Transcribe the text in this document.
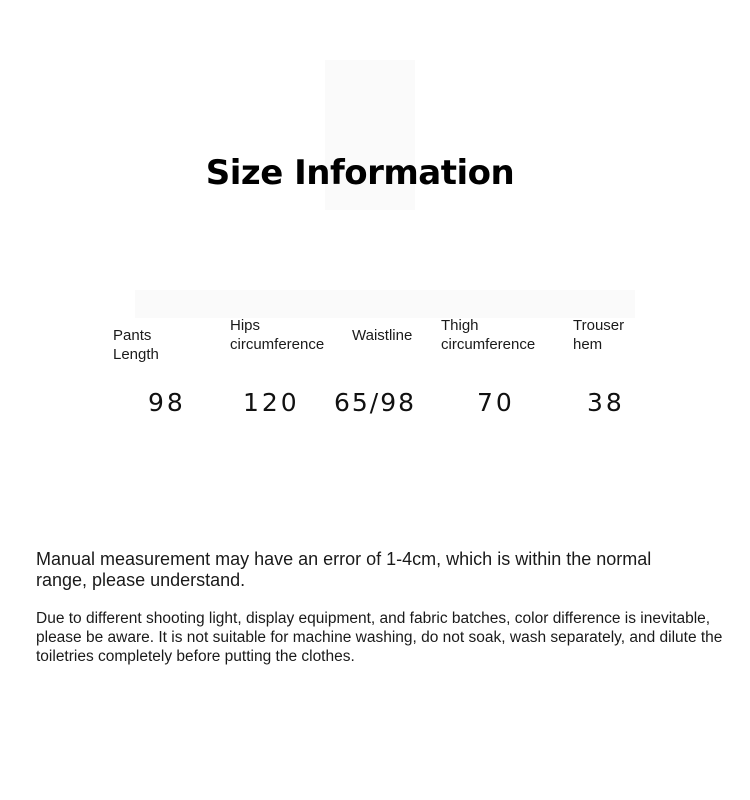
Size Information
Pants Length
98
Hips
circumference
120
Waistline
65/98
Thigh
circumference
70
Trouser
hem
38
Manual measurement may have an error of 1-4cm, which is within the normal range, please understand.
Due to different shooting light, display equipment, and fabric batches, color difference is inevitable, please be aware. It is not suitable for machine washing, do not soak, wash separately, and dilute the toiletries completely before putting the clothes.
